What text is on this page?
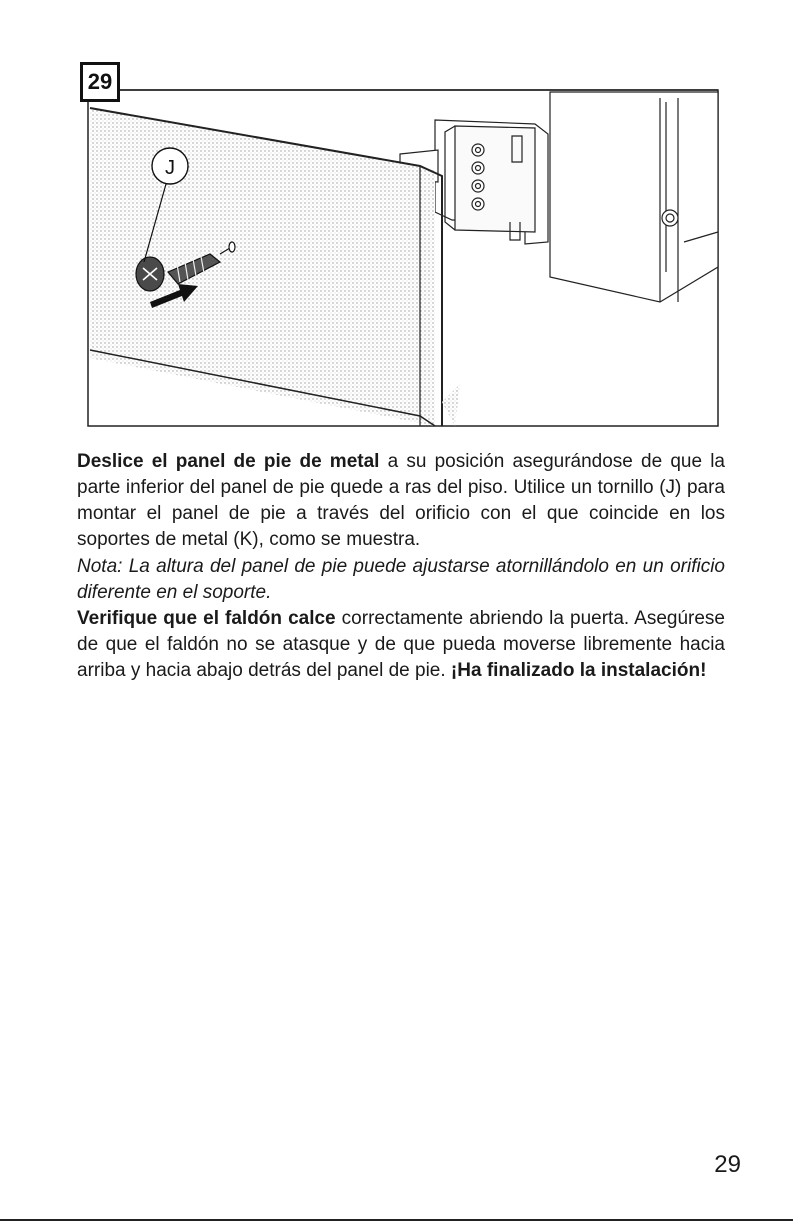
J
29

Deslice el panel de pie de metal a su posición asegurándose de que la parte inferior del panel de pie quede a ras del piso. Utilice un tornillo (J) para montar el panel de pie a través del orificio con el que coincide en los soportes de metal (K), como se muestra.

Nota: La altura del panel de pie puede ajustarse atornillándolo en un orificio diferente en el soporte.

Verifique que el faldón calce correctamente abriendo la puerta. Asegúrese de que el faldón no se atasque y de que pueda moverse libremente hacia arriba y hacia abajo detrás del panel de pie. ¡Ha finalizado la instalación!

29
